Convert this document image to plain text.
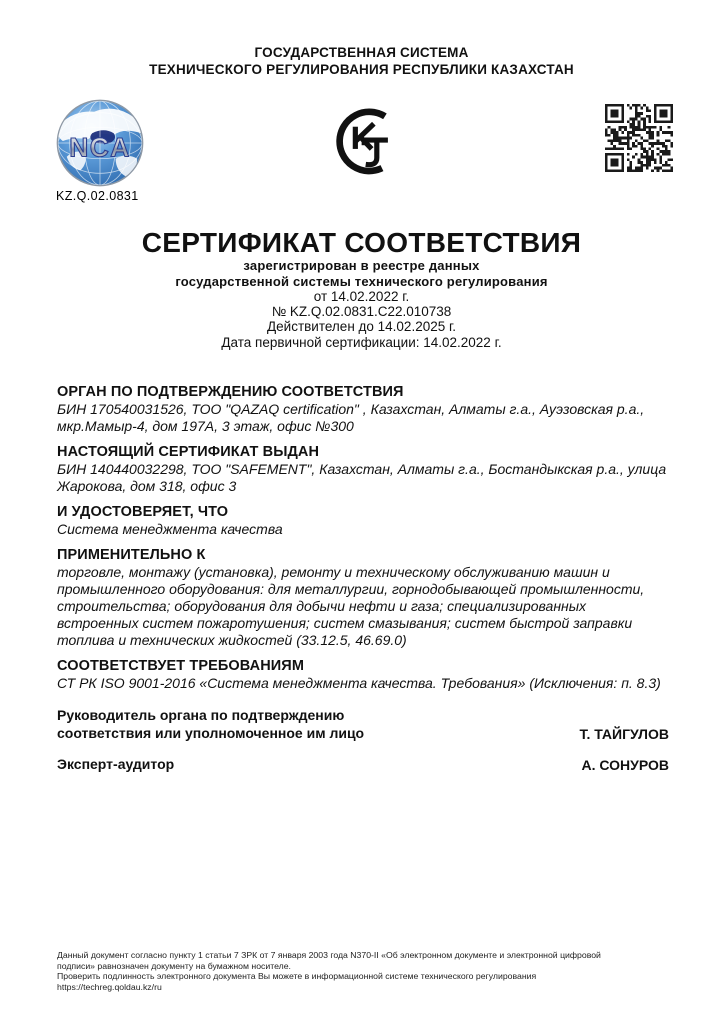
ГОСУДАРСТВЕННАЯ СИСТЕМА
ТЕХНИЧЕСКОГО РЕГУЛИРОВАНИЯ РЕСПУБЛИКИ КАЗАХСТАН
NCA
KZ.Q.02.0831
СЕРТИФИКАТ СООТВЕТСТВИЯ
зарегистрирован в реестре данных
государственной системы технического регулирования
от 14.02.2022 г.
№ KZ.Q.02.0831.C22.010738
Действителен до 14.02.2025 г.
Дата первичной сертификации: 14.02.2022 г.
ОРГАН ПО ПОДТВЕРЖДЕНИЮ СООТВЕТСТВИЯ
БИН 170540031526, ТОО "QAZAQ certification" , Казахстан, Алматы г.а., Ауэзовская р.а., мкр.Мамыр-4, дом 197А, 3 этаж, офис №300
НАСТОЯЩИЙ СЕРТИФИКАТ ВЫДАН
БИН 140440032298, ТОО "SAFEMENT", Казахстан, Алматы г.а., Бостандыкская р.а., улица Жарокова, дом 318, офис 3
И УДОСТОВЕРЯЕТ, ЧТО
Система менеджмента качества
ПРИМЕНИТЕЛЬНО К
торговле, монтажу (установка), ремонту и техническому обслуживанию машин и промышленного оборудования: для металлургии, горнодобывающей промышленности, строительства; оборудования для добычи нефти и газа; специализированных встроенных систем пожаротушения; систем смазывания; систем быстрой заправки топлива и технических жидкостей (33.12.5, 46.69.0)
СООТВЕТСТВУЕТ ТРЕБОВАНИЯМ
СТ РК ISO 9001-2016 «Система менеджмента качества. Требования» (Исключения: п. 8.3)
Руководитель органа по подтверждению
соответствия или уполномоченное им лицо	Т. ТАЙГУЛОВ
Эксперт-аудитор	А. СОНУРОВ
Данный документ согласно пункту 1 статьи 7 ЗРК от 7 января 2003 года N370-II «Об электронном документе и электронной цифровой
подписи» равнозначен документу на бумажном носителе.
Проверить подлинность электронного документа Вы можете в информационной системе технического регулирования
https://techreg.qoldau.kz/ru
